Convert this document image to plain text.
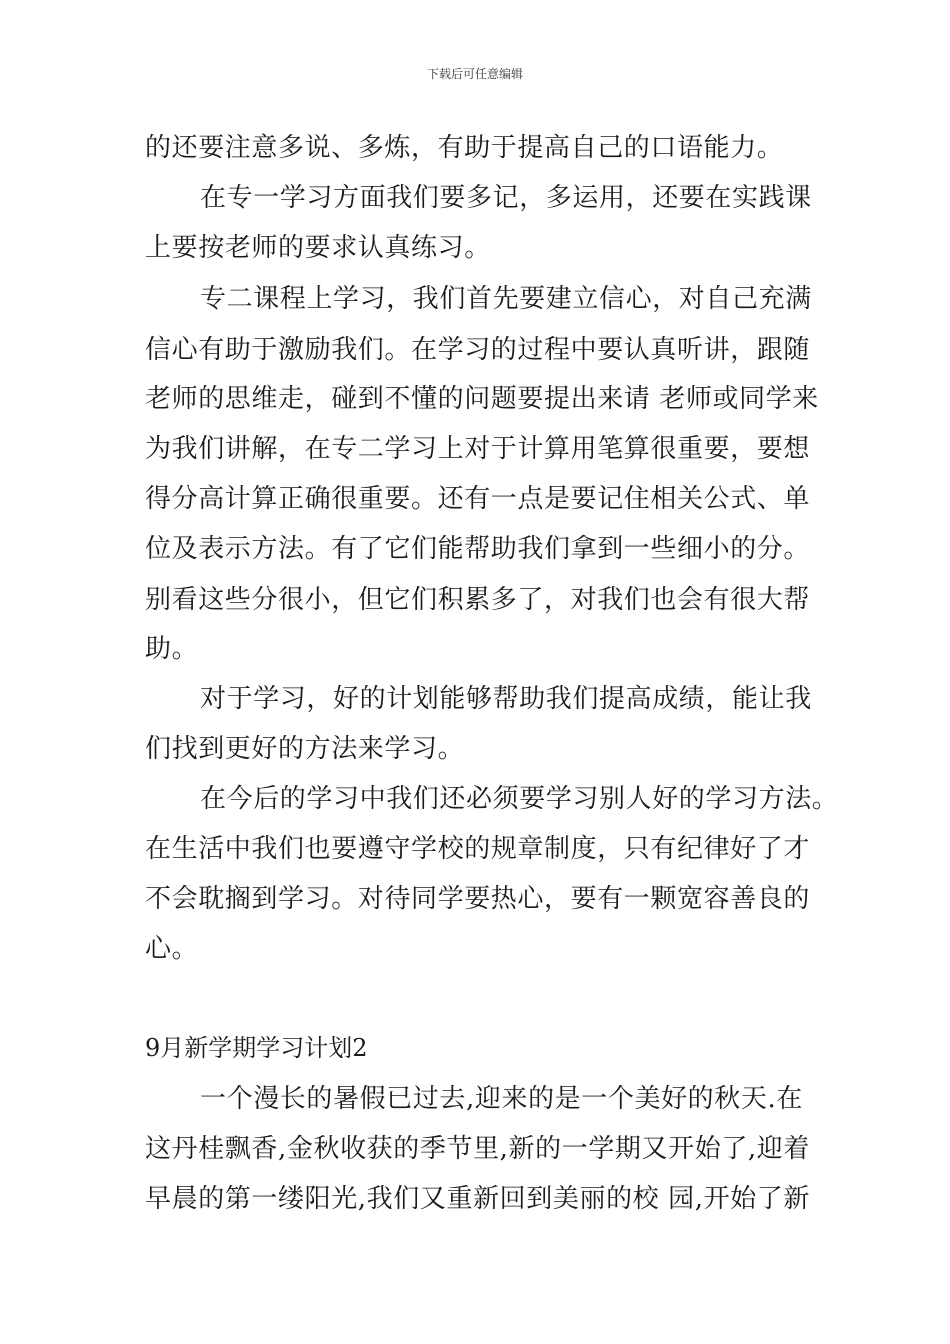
下载后可任意编辑
的还要注意多说、多炼，有助于提高自己的口语能力。
在专一学习方面我们要多记，多运用，还要在实践课
上要按老师的要求认真练习。
专二课程上学习，我们首先要建立信心，对自己充满
信心有助于激励我们。在学习的过程中要认真听讲，跟随
老师的思维走，碰到不懂的问题要提出来请 老师或同学来
为我们讲解，在专二学习上对于计算用笔算很重要，要想
得分高计算正确很重要。还有一点是要记住相关公式、单
位及表示方法。有了它们能帮助我们拿到一些细小的分。
别看这些分很小，但它们积累多了，对我们也会有很大帮
助。
对于学习，好的计划能够帮助我们提高成绩，能让我
们找到更好的方法来学习。
在今后的学习中我们还必须要学习别人好的学习方法。
在生活中我们也要遵守学校的规章制度，只有纪律好了才
不会耽搁到学习。对待同学要热心，要有一颗宽容善良的
心。
9月新学期学习计划2
一个漫长的暑假已过去,迎来的是一个美好的秋天.在
这丹桂飘香,金秋收获的季节里,新的一学期又开始了,迎着
早晨的第一缕阳光,我们又重新回到美丽的校 园,开始了新
